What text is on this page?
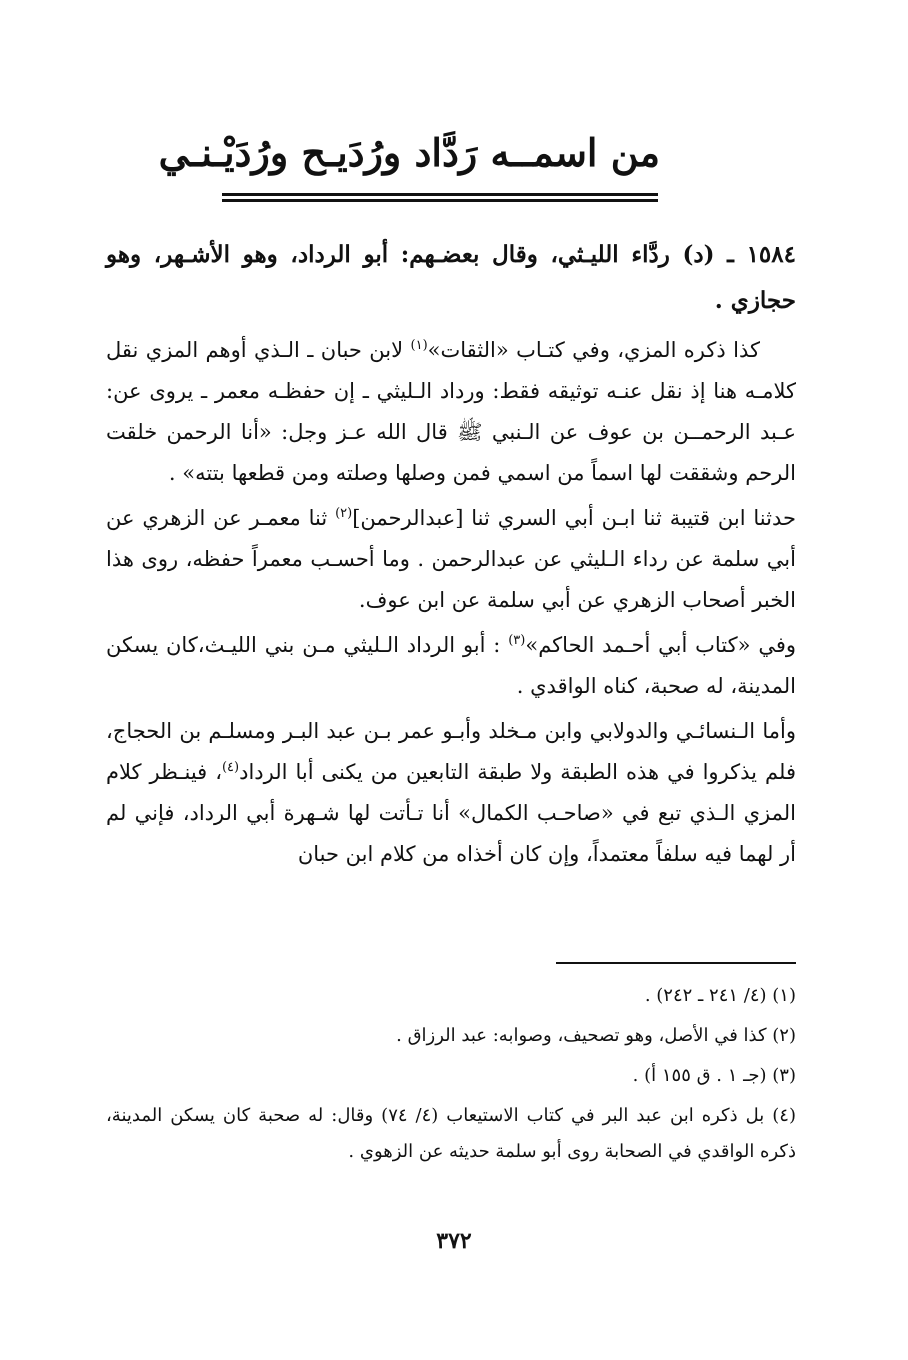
من اسمــه رَدَّاد ورُدَيـح ورُدَيْـنـي

١٥٨٤ ـ (د) ردَّاء الليـثي، وقال بعضـهم: أبو الرداد، وهو الأشـهر، وهو حجازي .

كذا ذكره المزي، وفي كتـاب «الثقات»$^{(١)}$ لابن حبان ـ الـذي أوهم المزي نقل كلامـه هنا إذ نقل عنـه توثيقه فقط: ورداد الـليثي ـ إن حفظـه معمر ـ يروى عن: عـبد الرحمــن بن عوف عن الـنبي ﷺ قال الله عـز وجل: «أنا الرحمن خلقت الرحم وشققت لها اسماً من اسمي فمن وصلها وصلته ومن قطعها بتته» .

حدثنا ابن قتيبة ثنا ابـن أبي السري ثنا [عبدالرحمن]$^{(٢)}$ ثنا معمـر عن الزهري عن أبي سلمة عن رداء الـليثي عن عبدالرحمن . وما أحسـب معمراً حفظه، روى هذا الخبر أصحاب الزهري عن أبي سلمة عن ابن عوف.

وفي «كتاب أبي أحـمد الحاكم»$^{(٣)}$ : أبو الرداد الـليثي مـن بني الليـث،كان يسكن المدينة، له صحبة، كناه الواقدي .

وأما الـنسائـي والدولابي وابن مـخلد وأبـو عمر بـن عبد البـر ومسلـم بن الحجاج، فلم يذكروا في هذه الطبقة ولا طبقة التابعين من يكنى أبا الرداد$^{(٤)}$، فينـظر كلام المزي الـذي تبع في «صاحـب الكمال» أنا تـأتت لها شـهرة أبي الرداد، فإني لم أر لهما فيه سلفاً معتمداً، وإن كان أخذاه من كلام ابن حبان

(١) (٤/ ٢٤١ ـ ٢٤٢) .

(٢) كذا في الأصل، وهو تصحيف، وصوابه: عبد الرزاق .

(٣) (جـ ١ . ق ١٥٥ أ) .

(٤) بل ذكره ابن عبد البر في كتاب الاستيعاب (٤/ ٧٤) وقال: له صحبة كان يسكن المدينة، ذكره الواقدي في الصحابة روى أبو سلمة حديثه عن الزهوي .

٣٧٢
